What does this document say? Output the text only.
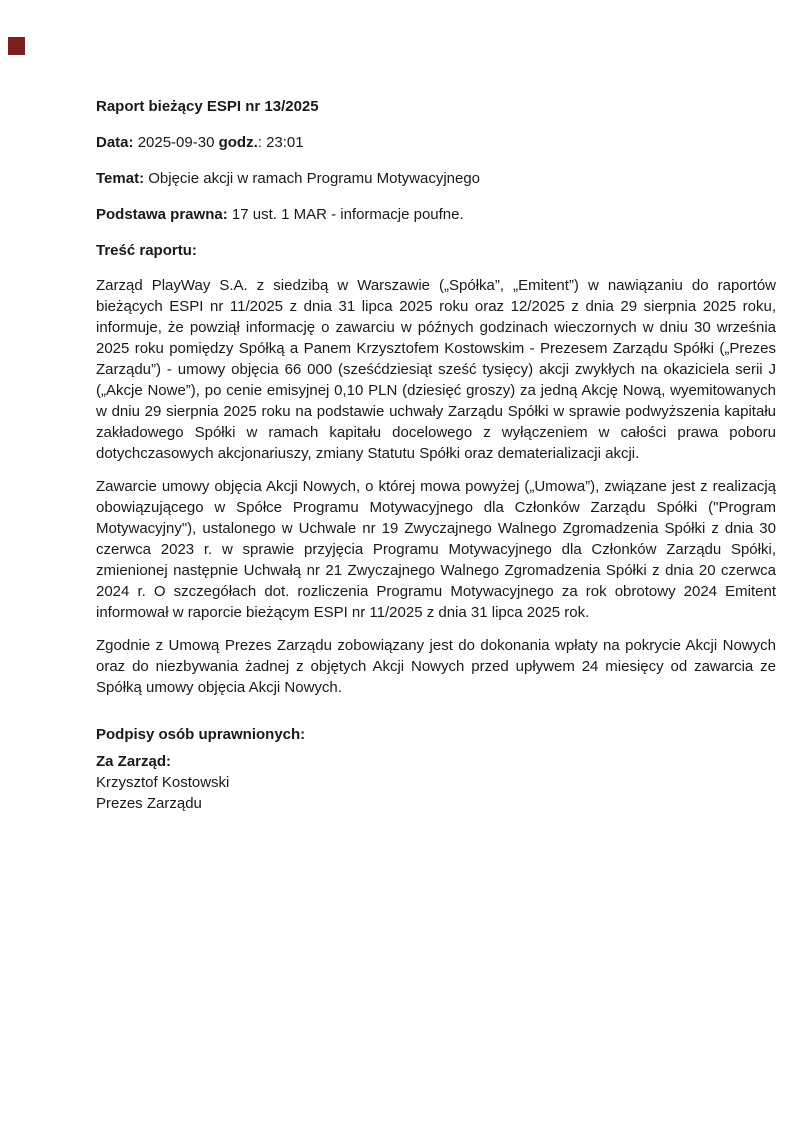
Raport bieżący ESPI nr 13/2025

Data: 2025-09-30 godz.: 23:01

Temat: Objęcie akcji w ramach Programu Motywacyjnego

Podstawa prawna: 17 ust. 1 MAR - informacje poufne.

Treść raportu:

Zarząd PlayWay S.A. z siedzibą w Warszawie („Spółka”, „Emitent”) w nawiązaniu do raportów bieżących ESPI nr 11/2025 z dnia 31 lipca 2025 roku oraz 12/2025 z dnia 29 sierpnia 2025 roku, informuje, że powziął informację o zawarciu w późnych godzinach wieczornych w dniu 30 września 2025 roku pomiędzy Spółką a Panem Krzysztofem Kostowskim - Prezesem Zarządu Spółki („Prezes Zarządu”) - umowy objęcia 66 000 (sześćdziesiąt sześć tysięcy) akcji zwykłych na okaziciela serii J („Akcje Nowe”), po cenie emisyjnej 0,10 PLN (dziesięć groszy) za jedną Akcję Nową, wyemitowanych w dniu 29 sierpnia 2025 roku na podstawie uchwały Zarządu Spółki w sprawie podwyższenia kapitału zakładowego Spółki w ramach kapitału docelowego z wyłączeniem w całości prawa poboru dotychczasowych akcjonariuszy, zmiany Statutu Spółki oraz dematerializacji akcji.

Zawarcie umowy objęcia Akcji Nowych, o której mowa powyżej („Umowa”), związane jest z realizacją obowiązującego w Spółce Programu Motywacyjnego dla Członków Zarządu Spółki ("Program Motywacyjny"), ustalonego w Uchwale nr 19 Zwyczajnego Walnego Zgromadzenia Spółki z dnia 30 czerwca 2023 r. w sprawie przyjęcia Programu Motywacyjnego dla Członków Zarządu Spółki, zmienionej następnie Uchwałą nr 21 Zwyczajnego Walnego Zgromadzenia Spółki z dnia 20 czerwca 2024 r. O szczegółach dot. rozliczenia Programu Motywacyjnego za rok obrotowy 2024 Emitent informował w raporcie bieżącym ESPI nr 11/2025 z dnia 31 lipca 2025 rok.

Zgodnie z Umową Prezes Zarządu zobowiązany jest do dokonania wpłaty na pokrycie Akcji Nowych oraz do niezbywania żadnej z objętych Akcji Nowych przed upływem 24 miesięcy od zawarcia ze Spółką umowy objęcia Akcji Nowych.

Podpisy osób uprawnionych:

Za Zarząd:

Krzysztof Kostowski

Prezes Zarządu
